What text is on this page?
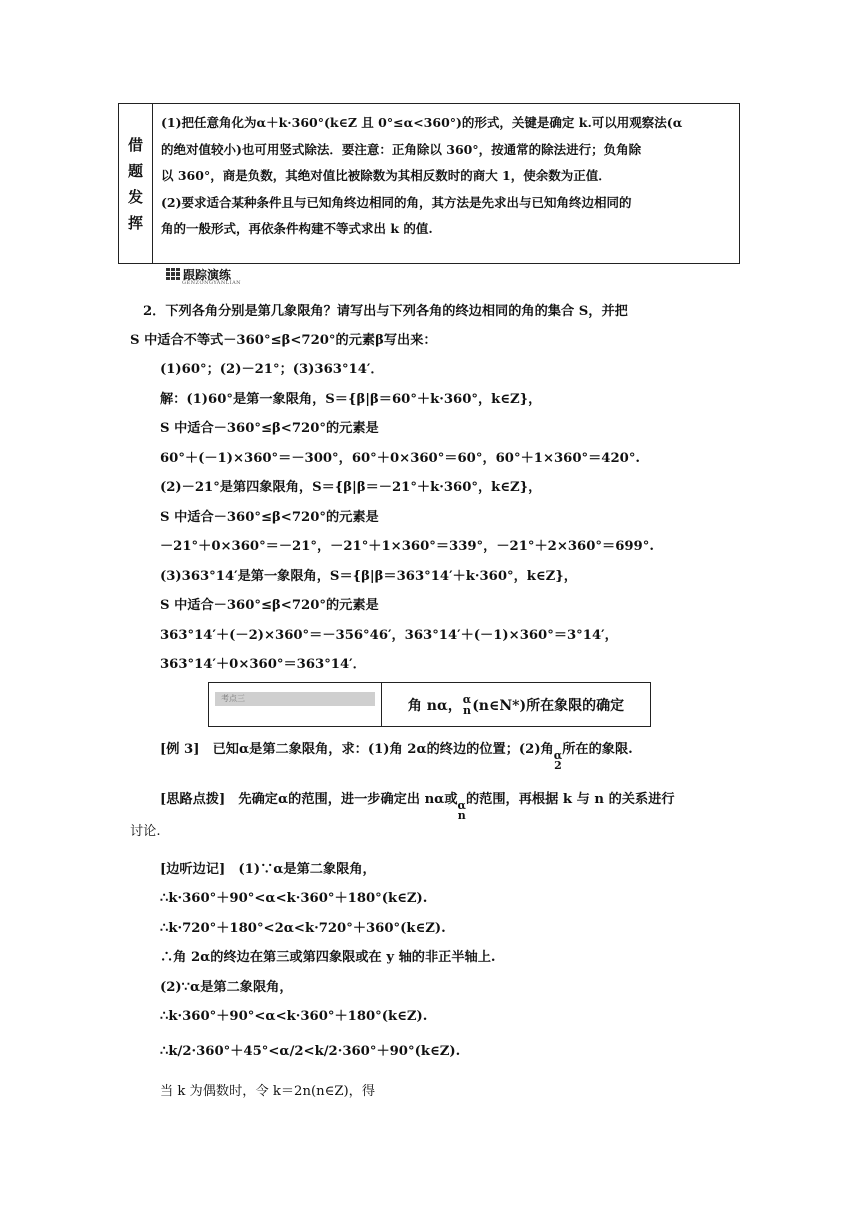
借
题
发
挥

(1)把任意角化为α＋k·360°(k∈Z 且 0°≤α<360°)的形式，关键是确定 k.可以用观察法(α

的绝对值较小)也可用竖式除法．要注意：正角除以 360°，按通常的除法进行；负角除

以 360°，商是负数，其绝对值比被除数为其相反数时的商大 1，使余数为正值．

(2)要求适合某种条件且与已知角终边相同的角，其方法是先求出与已知角终边相同的

角的一般形式，再依条件构建不等式求出 k 的值.

跟踪演练
GENZONGYANLIAN
2．下列各角分别是第几象限角？请写出与下列各角的终边相同的角的集合 S，并把
S 中适合不等式－360°≤β<720°的元素β写出来：
(1)60°；(2)－21°；(3)363°14′．
解：(1)60°是第一象限角，S＝{β|β＝60°＋k·360°，k∈Z}，
S 中适合－360°≤β<720°的元素是
60°＋(－1)×360°＝－300°，60°＋0×360°＝60°，60°＋1×360°＝420°.
(2)－21°是第四象限角，S＝{β|β＝－21°＋k·360°，k∈Z}，
S 中适合－360°≤β<720°的元素是
－21°＋0×360°＝－21°，－21°＋1×360°＝339°，－21°＋2×360°＝699°.
(3)363°14′是第一象限角，S＝{β|β＝363°14′＋k·360°，k∈Z}，
S 中适合－360°≤β<720°的元素是
363°14′＋(－2)×360°＝－356°46′，363°14′＋(－1)×360°＝3°14′，
363°14′＋0×360°＝363°14′．
考点三	角 nα， α
n (n∈N*)所在象限的确定
[例 3]　已知α是第二象限角，求：(1)角 2α的终边的位置；(2)角 α
2
所在的象限.
[思路点拨]　先确定α的范围，进一步确定出 nα或 α
n
的范围，再根据 k 与 n 的关系进行
讨论.
[边听边记]　(1)∵α是第二象限角，
∴k·360°＋90°<α<k·360°＋180°(k∈Z).
∴k·720°＋180°<2α<k·720°＋360°(k∈Z).
∴角 2α的终边在第三或第四象限或在 y 轴的非正半轴上.
(2)∵α是第二象限角，
∴k·360°＋90°<α<k·360°＋180°(k∈Z).
∴k/2·360°＋45°<α/2<k/2·360°＋90°(k∈Z).
当 k 为偶数时，令 k＝2n(n∈Z)，得
